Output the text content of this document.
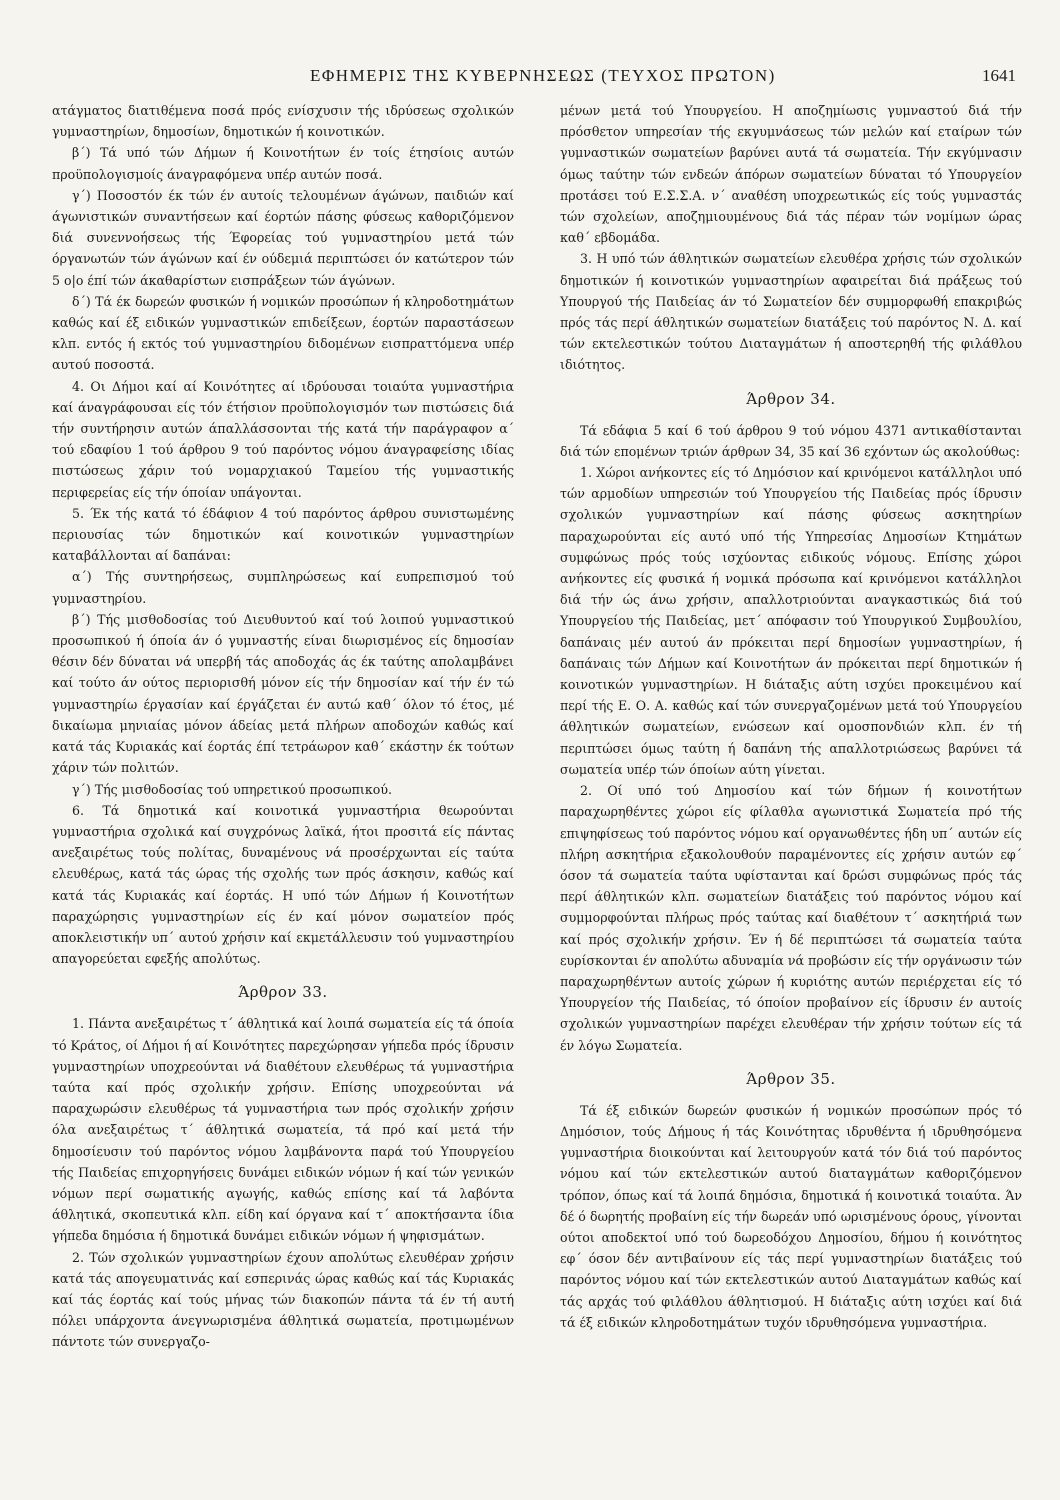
ΕΦΗΜΕΡΙΣ ΤΗΣ ΚΥΒΕΡΝΗΣΕΩΣ (ΤΕΥΧΟΣ ΠΡΩΤΟΝ)	1641

ατάγματος διατιθέμενα ποσά πρός ενίσχυσιν τής ιδρύσεως σχολικών γυμναστηρίων, δημοσίων, δημοτικών ή κοινοτικών.

β΄) Τά υπό τών Δήμων ή Κοινοτήτων έν τοίς έτησίοις αυτών προϋπολογισμοίς άναγραφόμενα υπέρ αυτών ποσά.

γ΄) Ποσοστόν έκ τών έν αυτοίς τελουμένων άγώνων, παιδιών καί άγωνιστικών συναντήσεων καί έορτών πάσης φύσεως καθοριζόμενον διά συνεννοήσεως τής Έφορείας τού γυμναστηρίου μετά τών όργανωτών τών άγώνων καί έν ούδεμιά περιπτώσει όν κατώτερον τών 5 ο|ο έπί τών άκαθαρίστων εισπράξεων τών άγώνων.

δ΄) Τά έκ δωρεών φυσικών ή νομικών προσώπων ή κληροδοτημάτων καθώς καί έξ ειδικών γυμναστικών επιδείξεων, έορτών παραστάσεων κλπ. εντός ή εκτός τού γυμναστηρίου διδομένων εισπραττόμενα υπέρ αυτού ποσοστά.

4. Οι Δήμοι καί αί Κοινότητες αί ιδρύουσαι τοιαύτα γυμναστήρια καί άναγράφουσαι είς τόν έτήσιον προϋπολογισμόν των πιστώσεις διά τήν συντήρησιν αυτών άπαλλάσσονται τής κατά τήν παράγραφον α΄ τού εδαφίου 1 τού άρθρου 9 τού παρόντος νόμου άναγραφείσης ιδίας πιστώσεως χάριν τού νομαρχιακού Ταμείου τής γυμναστικής περιφερείας είς τήν όποίαν υπάγονται.

5. Έκ τής κατά τό έδάφιον 4 τού παρόντος άρθρου συνιστωμένης περιουσίας τών δημοτικών καί κοινοτικών γυμναστηρίων καταβάλλονται αί δαπάναι:

α΄) Τής συντηρήσεως, συμπληρώσεως καί ευπρεπισμού τού γυμναστηρίου.

β΄) Τής μισθοδοσίας τού Διευθυντού καί τού λοιπού γυμναστικού προσωπικού ή όποία άν ό γυμναστής είναι διωρισμένος είς δημοσίαν θέσιν δέν δύναται νά υπερβή τάς αποδοχάς άς έκ ταύτης απολαμβάνει καί τούτο άν ούτος περιορισθή μόνον είς τήν δημοσίαν καί τήν έν τώ γυμναστηρίω έργασίαν καί έργάζεται έν αυτώ καθ΄ όλον τό έτος, μέ δικαίωμα μηνιαίας μόνον άδείας μετά πλήρων αποδοχών καθώς καί κατά τάς Κυριακάς καί έορτάς έπί τετράωρον καθ΄ εκάστην έκ τούτων χάριν τών πολιτών.

γ΄) Τής μισθοδοσίας τού υπηρετικού προσωπικού.

6. Τά δημοτικά καί κοινοτικά γυμναστήρια θεωρούνται γυμναστήρια σχολικά καί συγχρόνως λαϊκά, ήτοι προσιτά είς πάντας ανεξαιρέτως τούς πολίτας, δυναμένους νά προσέρχωνται είς ταύτα ελευθέρως, κατά τάς ώρας τής σχολής των πρός άσκησιν, καθώς καί κατά τάς Κυριακάς καί έορτάς. Η υπό τών Δήμων ή Κοινοτήτων παραχώρησις γυμναστηρίων είς έν καί μόνον σωματείον πρός αποκλειστικήν υπ΄ αυτού χρήσιν καί εκμετάλλευσιν τού γυμναστηρίου απαγορεύεται εφεξής απολύτως.

Άρθρον 33.

1. Πάντα ανεξαιρέτως τ΄ άθλητικά καί λοιπά σωματεία είς τά όποία τό Κράτος, οί Δήμοι ή αί Κοινότητες παρεχώρησαν γήπεδα πρός ίδρυσιν γυμναστηρίων υποχρεούνται νά διαθέτουν ελευθέρως τά γυμναστήρια ταύτα καί πρός σχολικήν χρήσιν. Επίσης υποχρεούνται νά παραχωρώσιν ελευθέρως τά γυμναστήρια των πρός σχολικήν χρήσιν όλα ανεξαιρέτως τ΄ άθλητικά σωματεία, τά πρό καί μετά τήν δημοσίευσιν τού παρόντος νόμου λαμβάνοντα παρά τού Υπουργείου τής Παιδείας επιχορηγήσεις δυνάμει ειδικών νόμων ή καί τών γενικών νόμων περί σωματικής αγωγής, καθώς επίσης καί τά λαβόντα άθλητικά, σκοπευτικά κλπ. είδη καί όργανα καί τ΄ αποκτήσαντα ίδια γήπεδα δημόσια ή δημοτικά δυνάμει ειδικών νόμων ή ψηφισμάτων.

2. Τών σχολικών γυμναστηρίων έχουν απολύτως ελευθέραν χρήσιν κατά τάς απογευματινάς καί εσπερινάς ώρας καθώς καί τάς Κυριακάς καί τάς έορτάς καί τούς μήνας τών διακοπών πάντα τά έν τή αυτή πόλει υπάρχοντα άνεγνωρισμένα άθλητικά σωματεία, προτιμωμένων πάντοτε τών συνεργαζο-

μένων μετά τού Υπουργείου. Η αποζημίωσις γυμναστού διά τήν πρόσθετον υπηρεσίαν τής εκγυμνάσεως τών μελών καί εταίρων τών γυμναστικών σωματείων βαρύνει αυτά τά σωματεία. Τήν εκγύμνασιν όμως ταύτην τών ενδεών άπόρων σωματείων δύναται τό Υπουργείον προτάσει τού Ε.Σ.Σ.Α. ν΄ αναθέση υποχρεωτικώς είς τούς γυμναστάς τών σχολείων, αποζημιουμένους διά τάς πέραν τών νομίμων ώρας καθ΄ εβδομάδα.

3. Η υπό τών άθλητικών σωματείων ελευθέρα χρήσις τών σχολικών δημοτικών ή κοινοτικών γυμναστηρίων αφαιρείται διά πράξεως τού Υπουργού τής Παιδείας άν τό Σωματείον δέν συμμορφωθή επακριβώς πρός τάς περί άθλητικών σωματείων διατάξεις τού παρόντος Ν. Δ. καί τών εκτελεστικών τούτου Διαταγμάτων ή αποστερηθή τής φιλάθλου ιδιότητος.

Άρθρον 34.

Τά εδάφια 5 καί 6 τού άρθρου 9 τού νόμου 4371 αντικαθίστανται διά τών επομένων τριών άρθρων 34, 35 καί 36 εχόντων ώς ακολούθως:

1. Χώροι ανήκοντες είς τό Δημόσιον καί κρινόμενοι κατάλληλοι υπό τών αρμοδίων υπηρεσιών τού Υπουργείου τής Παιδείας πρός ίδρυσιν σχολικών γυμναστηρίων καί πάσης φύσεως ασκητηρίων παραχωρούνται είς αυτό υπό τής Υπηρεσίας Δημοσίων Κτημάτων συμφώνως πρός τούς ισχύοντας ειδικούς νόμους. Επίσης χώροι ανήκοντες είς φυσικά ή νομικά πρόσωπα καί κρινόμενοι κατάλληλοι διά τήν ώς άνω χρήσιν, απαλλοτριούνται αναγκαστικώς διά τού Υπουργείου τής Παιδείας, μετ΄ απόφασιν τού Υπουργικού Συμβουλίου, δαπάναις μέν αυτού άν πρόκειται περί δημοσίων γυμναστηρίων, ή δαπάναις τών Δήμων καί Κοινοτήτων άν πρόκειται περί δημοτικών ή κοινοτικών γυμναστηρίων. Η διάταξις αύτη ισχύει προκειμένου καί περί τής Ε. Ο. Α. καθώς καί τών συνεργαζομένων μετά τού Υπουργείου άθλητικών σωματείων, ενώσεων καί ομοσπονδιών κλπ. έν τή περιπτώσει όμως ταύτη ή δαπάνη τής απαλλοτριώσεως βαρύνει τά σωματεία υπέρ τών όποίων αύτη γίνεται.

2. Οί υπό τού Δημοσίου καί τών δήμων ή κοινοτήτων παραχωρηθέντες χώροι είς φίλαθλα αγωνιστικά Σωματεία πρό τής επιψηφίσεως τού παρόντος νόμου καί οργανωθέντες ήδη υπ΄ αυτών είς πλήρη ασκητήρια εξακολουθούν παραμένοντες είς χρήσιν αυτών εφ΄ όσον τά σωματεία ταύτα υφίστανται καί δρώσι συμφώνως πρός τάς περί άθλητικών κλπ. σωματείων διατάξεις τού παρόντος νόμου καί συμμορφούνται πλήρως πρός ταύτας καί διαθέτουν τ΄ ασκητήριά των καί πρός σχολικήν χρήσιν. Έν ή δέ περιπτώσει τά σωματεία ταύτα ευρίσκονται έν απολύτω αδυναμία νά προβώσιν είς τήν οργάνωσιν τών παραχωρηθέντων αυτοίς χώρων ή κυριότης αυτών περιέρχεται είς τό Υπουργείον τής Παιδείας, τό όποίον προβαίνον είς ίδρυσιν έν αυτοίς σχολικών γυμναστηρίων παρέχει ελευθέραν τήν χρήσιν τούτων είς τά έν λόγω Σωματεία.

Άρθρον 35.

Τά έξ ειδικών δωρεών φυσικών ή νομικών προσώπων πρός τό Δημόσιον, τούς Δήμους ή τάς Κοινότητας ιδρυθέντα ή ιδρυθησόμενα γυμναστήρια διοικούνται καί λειτουργούν κατά τόν διά τού παρόντος νόμου καί τών εκτελεστικών αυτού διαταγμάτων καθοριζόμενον τρόπον, όπως καί τά λοιπά δημόσια, δημοτικά ή κοινοτικά τοιαύτα. Άν δέ ό δωρητής προβαίνη είς τήν δωρεάν υπό ωρισμένους όρους, γίνονται ούτοι αποδεκτοί υπό τού δωρεοδόχου Δημοσίου, δήμου ή κοινότητος εφ΄ όσον δέν αντιβαίνουν είς τάς περί γυμναστηρίων διατάξεις τού παρόντος νόμου καί τών εκτελεστικών αυτού Διαταγμάτων καθώς καί τάς αρχάς τού φιλάθλου άθλητισμού. Η διάταξις αύτη ισχύει καί διά τά έξ ειδικών κληροδοτημάτων τυχόν ιδρυθησόμενα γυμναστήρια.
